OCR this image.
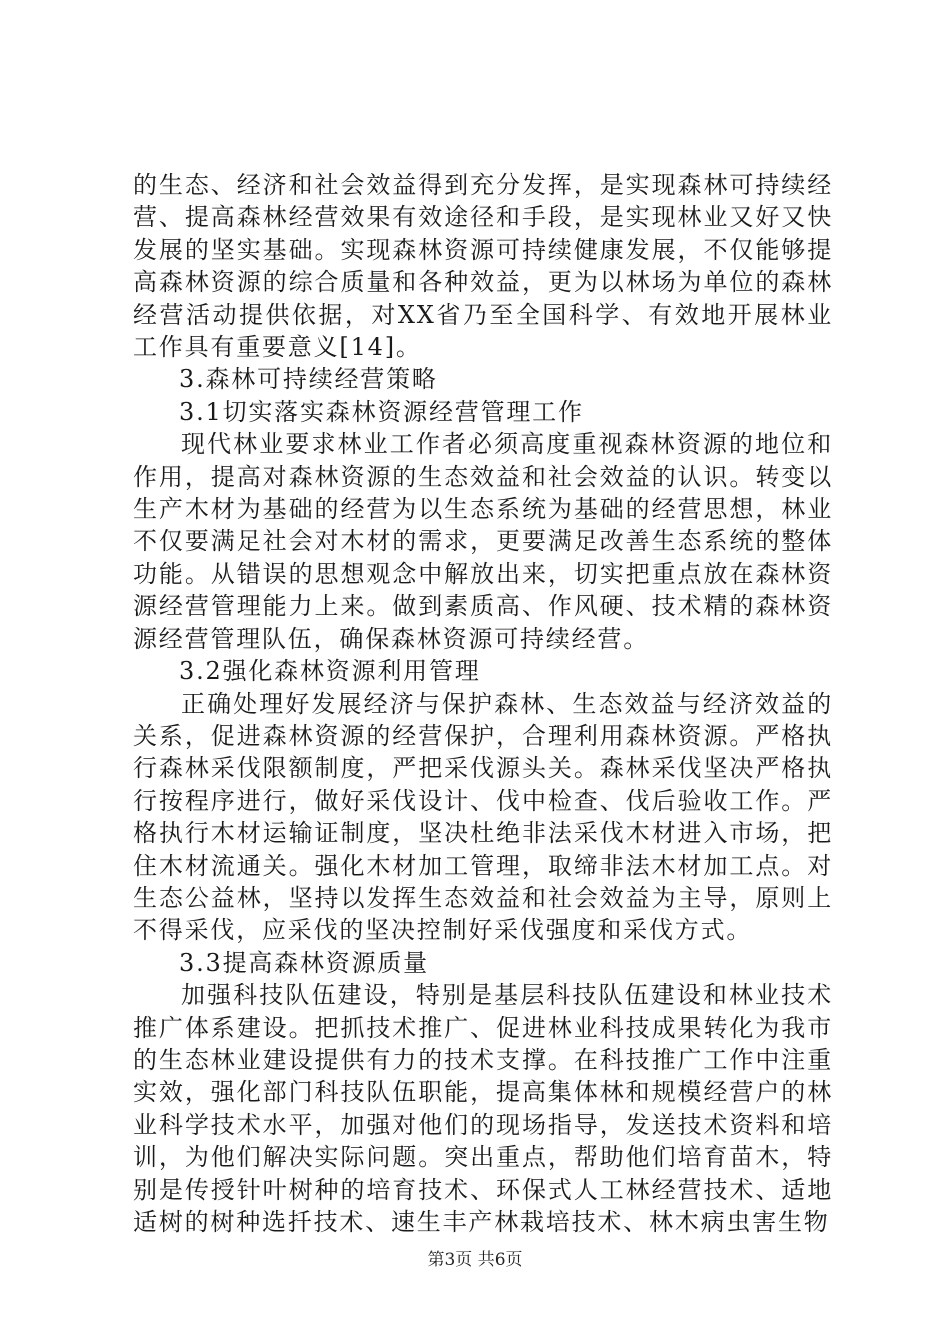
的生态、经济和社会效益得到充分发挥，是实现森林可持续经营、提高森林经营效果有效途径和手段，是实现林业又好又快发展的坚实基础。实现森林资源可持续健康发展，不仅能够提高森林资源的综合质量和各种效益，更为以林场为单位的森林经营活动提供依据，对XX省乃至全国科学、有效地开展林业工作具有重要意义[14]。

3.森林可持续经营策略

3.1切实落实森林资源经营管理工作

现代林业要求林业工作者必须高度重视森林资源的地位和作用，提高对森林资源的生态效益和社会效益的认识。转变以生产木材为基础的经营为以生态系统为基础的经营思想，林业不仅要满足社会对木材的需求，更要满足改善生态系统的整体功能。从错误的思想观念中解放出来，切实把重点放在森林资源经营管理能力上来。做到素质高、作风硬、技术精的森林资源经营管理队伍，确保森林资源可持续经营。

3.2强化森林资源利用管理

正确处理好发展经济与保护森林、生态效益与经济效益的关系，促进森林资源的经营保护，合理利用森林资源。严格执行森林采伐限额制度，严把采伐源头关。森林采伐坚决严格执行按程序进行，做好采伐设计、伐中检查、伐后验收工作。严格执行木材运输证制度，坚决杜绝非法采伐木材进入市场，把住木材流通关。强化木材加工管理，取缔非法木材加工点。对生态公益林，坚持以发挥生态效益和社会效益为主导，原则上不得采伐，应采伐的坚决控制好采伐强度和采伐方式。

3.3提高森林资源质量

加强科技队伍建设，特别是基层科技队伍建设和林业技术推广体系建设。把抓技术推广、促进林业科技成果转化为我市的生态林业建设提供有力的技术支撑。在科技推广工作中注重实效，强化部门科技队伍职能，提高集体林和规模经营户的林业科学技术水平，加强对他们的现场指导，发送技术资料和培训，为他们解决实际问题。突出重点，帮助他们培育苗木，特别是传授针叶树种的培育技术、环保式人工林经营技术、适地适树的树种选扦技术、速生丰产林栽培技术、林木病虫害生物

第3页 共6页
